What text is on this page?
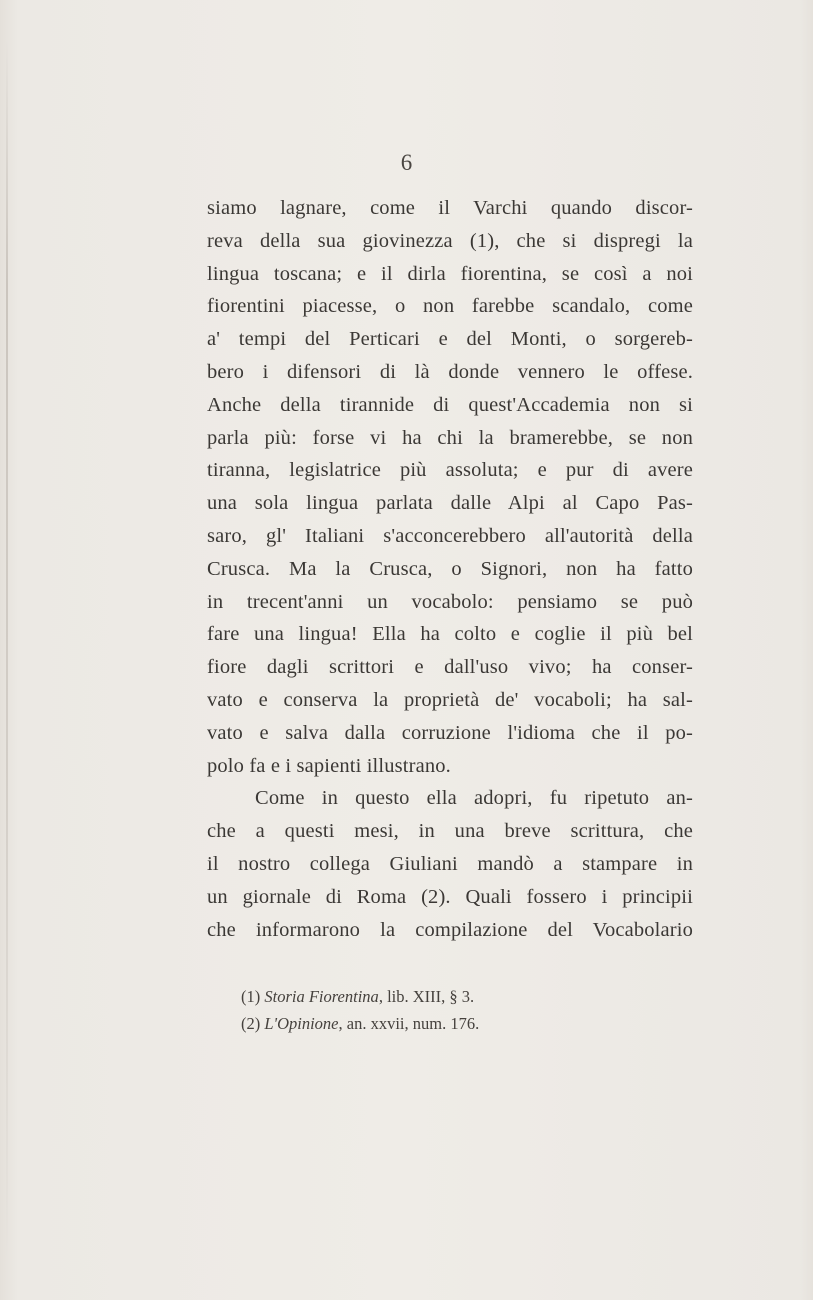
6
siamo lagnare, come il Varchi quando discor-
reva della sua giovinezza (1), che si dispregi la
lingua toscana; e il dirla fiorentina, se così a noi
fiorentini piacesse, o non farebbe scandalo, come
a' tempi del Perticari e del Monti, o sorgereb-
bero i difensori di là donde vennero le offese.
Anche della tirannide di quest'Accademia non si
parla più: forse vi ha chi la bramerebbe, se non
tiranna, legislatrice più assoluta; e pur di avere
una sola lingua parlata dalle Alpi al Capo Pas-
saro, gl' Italiani s'acconcerebbero all'autorità della
Crusca. Ma la Crusca, o Signori, non ha fatto
in trecent'anni un vocabolo: pensiamo se può
fare una lingua! Ella ha colto e coglie il più bel
fiore dagli scrittori e dall'uso vivo; ha conser-
vato e conserva la proprietà de' vocaboli; ha sal-
vato e salva dalla corruzione l'idioma che il po-
polo fa e i sapienti illustrano.
Come in questo ella adopri, fu ripetuto an-
che a questi mesi, in una breve scrittura, che
il nostro collega Giuliani mandò a stampare in
un giornale di Roma (2). Quali fossero i principii
che informarono la compilazione del Vocabolario
(1) Storia Fiorentina, lib. XIII, § 3.
(2) L'Opinione, an. xxvii, num. 176.
